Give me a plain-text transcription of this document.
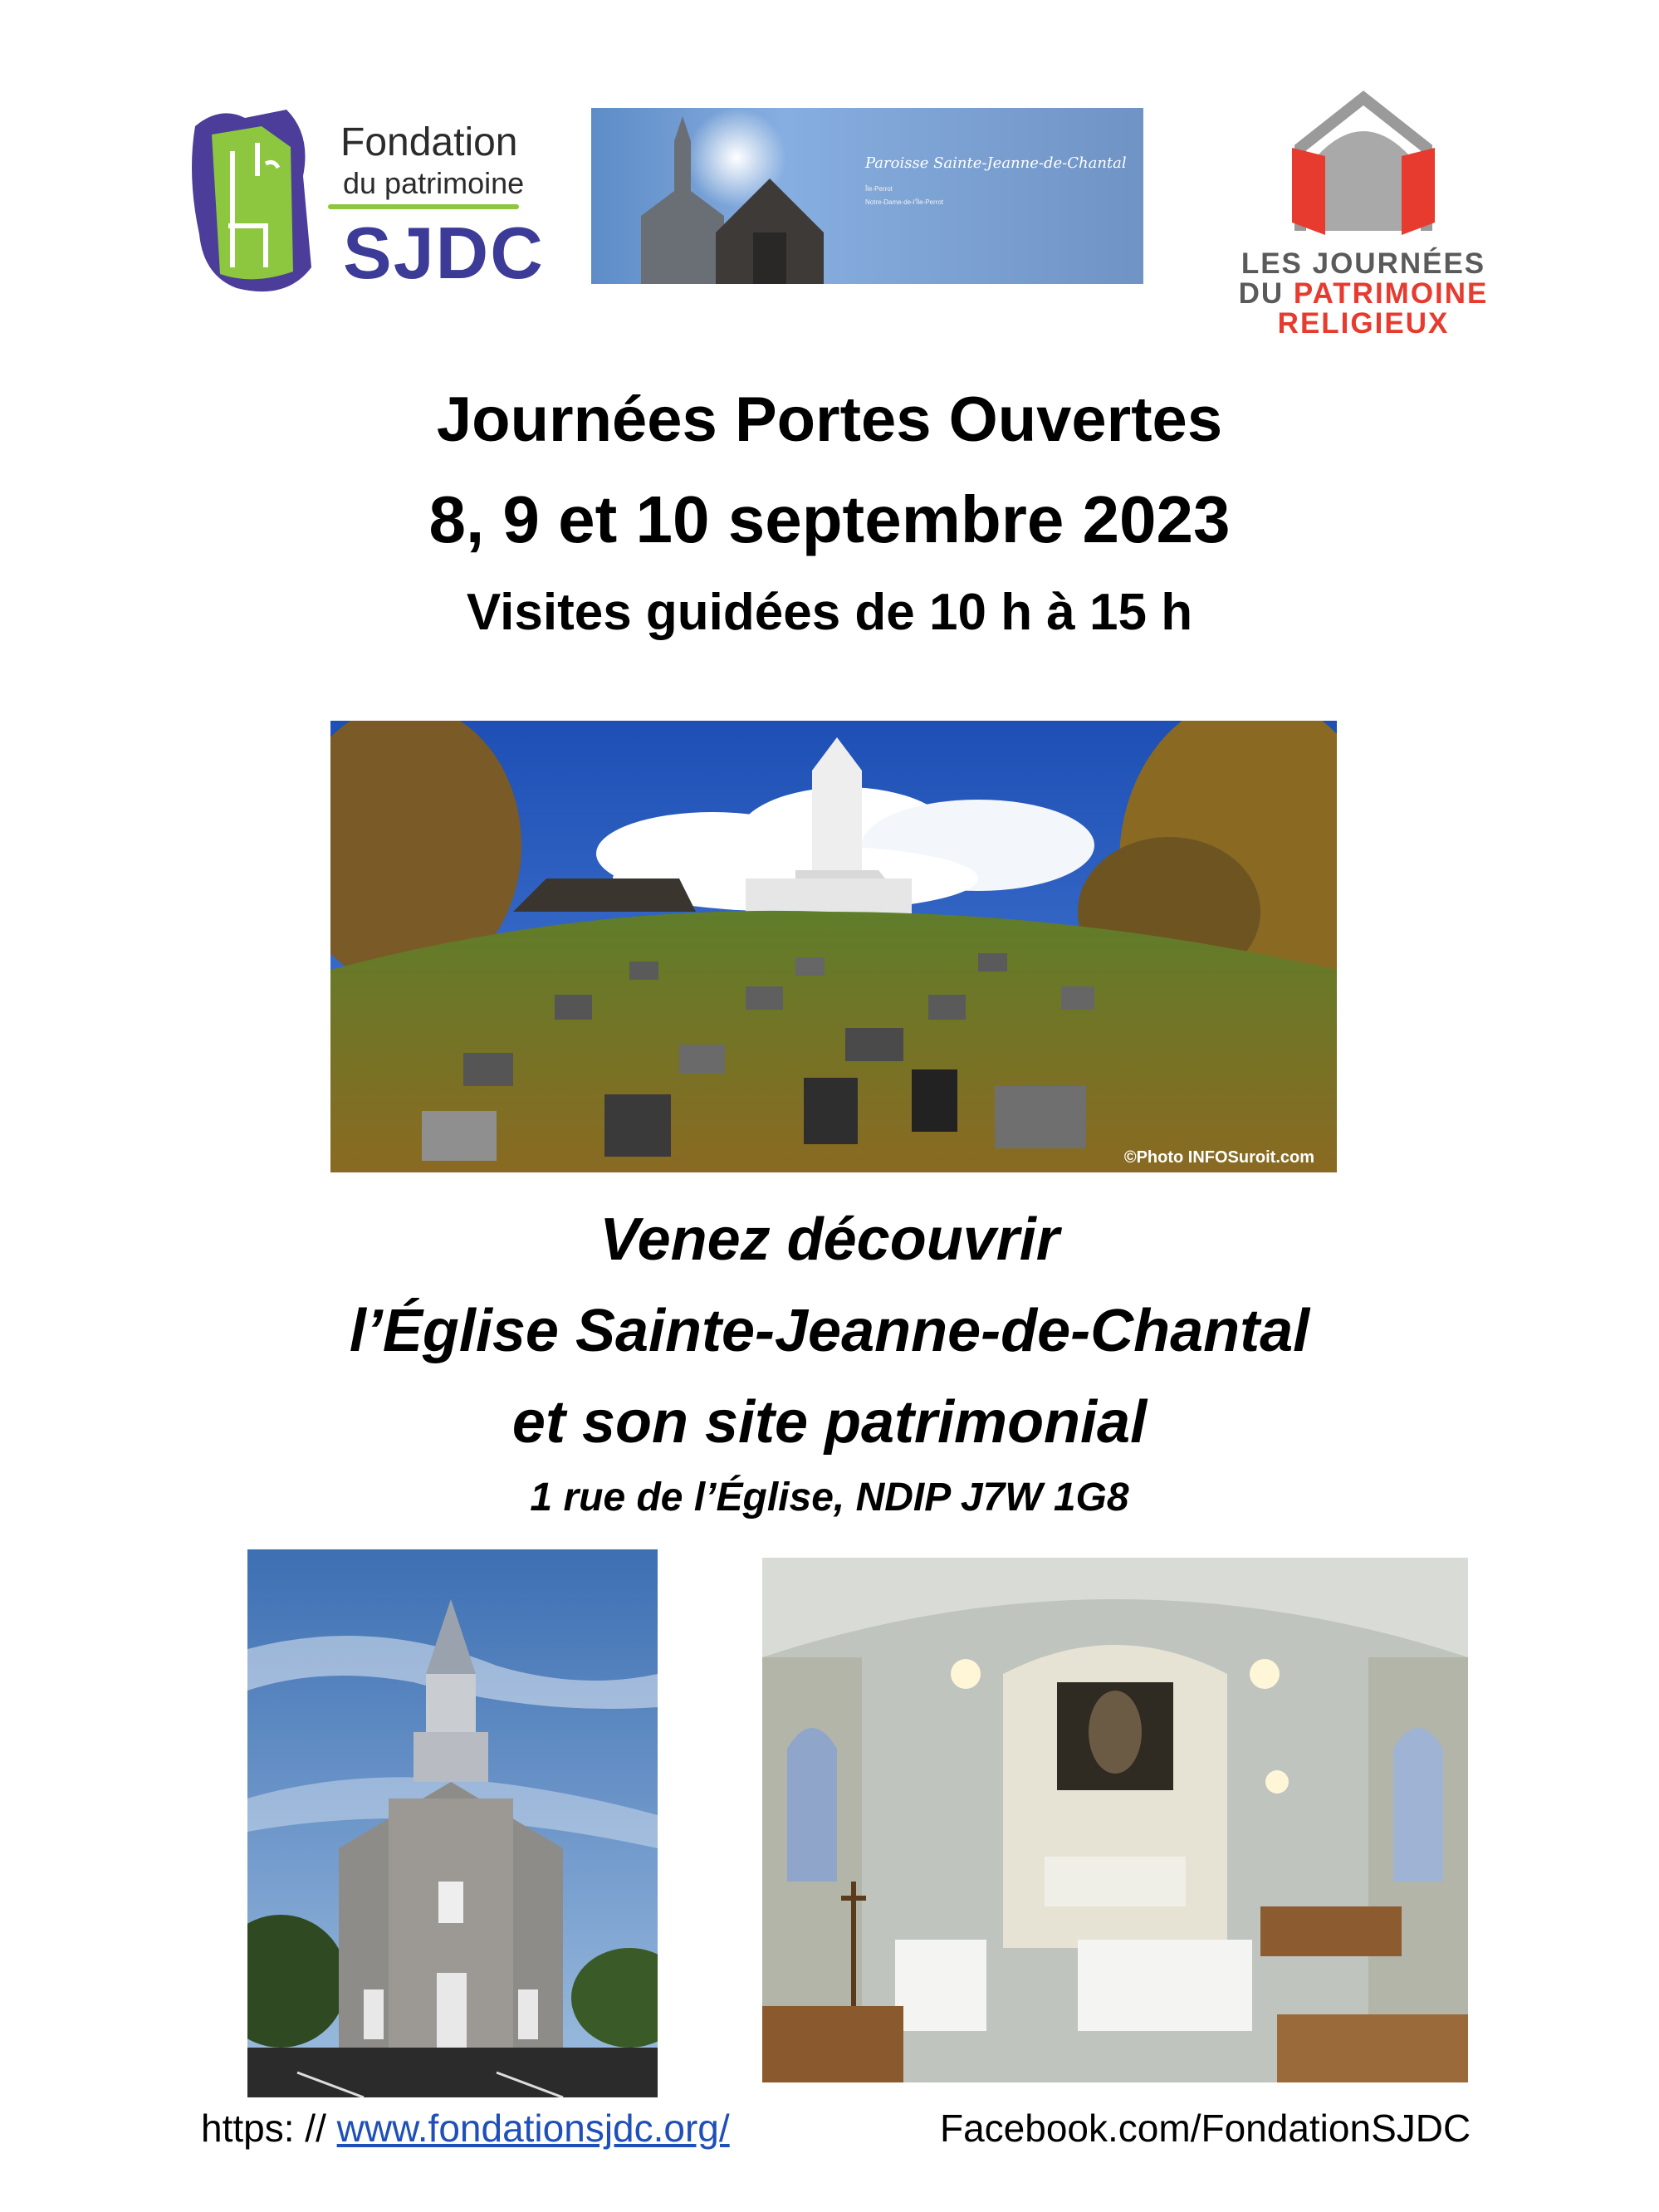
Fondation
du patrimoine
SJDC
Paroisse Sainte-Jeanne-de-Chantal
Île-Perrot
Notre-Dame-de-l'Île-Perrot
LES JOURNÉES
DU PATRIMOINE
RELIGIEUX
Journées Portes Ouvertes
8, 9 et 10 septembre 2023
Visites guidées de 10 h à 15 h
©Photo INFOSuroit.com
Venez découvrir
l’Église Sainte-Jeanne-de-Chantal
et son site patrimonial
1 rue de l’Église, NDIP J7W 1G8
https: // www.fondationsjdc.org/	Facebook.com/FondationSJDC
